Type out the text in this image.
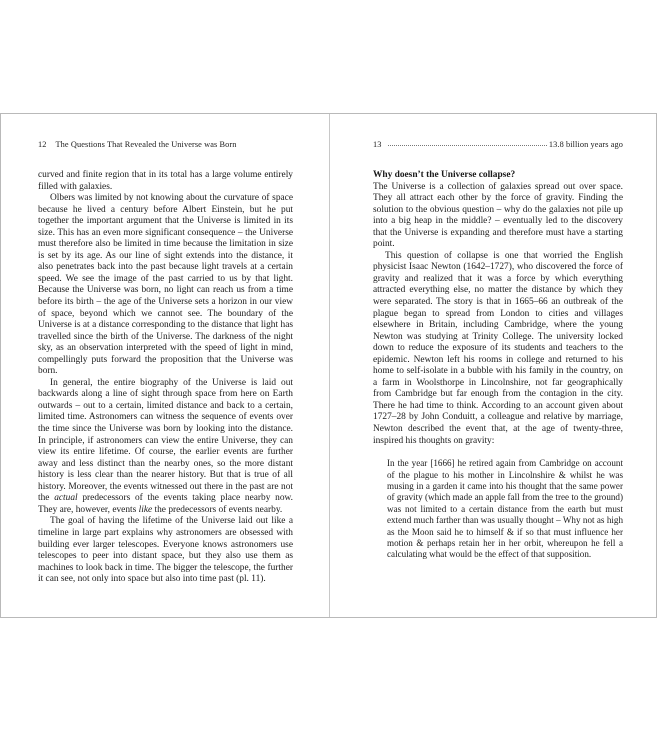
12 The Questions That Revealed the Universe was Born

curved and finite region that in its total has a large volume entirely filled with galaxies.

Olbers was limited by not knowing about the curvature of space because he lived a century before Albert Einstein, but he put together the important argument that the Universe is limited in its size. This has an even more significant consequence – the Universe must therefore also be limited in time because the limitation in size is set by its age. As our line of sight extends into the distance, it also penetrates back into the past because light travels at a certain speed. We see the image of the past carried to us by that light. Because the Universe was born, no light can reach us from a time before its birth – the age of the Universe sets a horizon in our view of space, beyond which we cannot see. The boundary of the Universe is at a distance corresponding to the distance that light has travelled since the birth of the Universe. The darkness of the night sky, as an observation interpreted with the speed of light in mind, compellingly puts forward the proposition that the Universe was born.

In general, the entire biography of the Universe is laid out backwards along a line of sight through space from here on Earth outwards – out to a certain, limited distance and back to a certain, limited time. Astronomers can witness the sequence of events over the time since the Universe was born by looking into the distance. In principle, if astronomers can view the entire Universe, they can view its entire lifetime. Of course, the earlier events are further away and less distinct than the nearby ones, so the more distant history is less clear than the nearer history. But that is true of all history. Moreover, the events witnessed out there in the past are not the actual predecessors of the events taking place nearby now. They are, however, events like the predecessors of events nearby.

The goal of having the lifetime of the Universe laid out like a timeline in large part explains why astronomers are obsessed with building ever larger telescopes. Everyone knows astronomers use telescopes to peer into distant space, but they also use them as machines to look back in time. The bigger the telescope, the further it can see, not only into space but also into time past (pl. 11).

13	13.8 billion years ago

Why doesn’t the Universe collapse?

The Universe is a collection of galaxies spread out over space. They all attract each other by the force of gravity. Finding the solution to the obvious question – why do the galaxies not pile up into a big heap in the middle? – eventually led to the discovery that the Universe is expanding and therefore must have a starting point.

This question of collapse is one that worried the English physicist Isaac Newton (1642–1727), who discovered the force of gravity and realized that it was a force by which everything attracted everything else, no matter the distance by which they were separated. The story is that in 1665–66 an outbreak of the plague began to spread from London to cities and villages elsewhere in Britain, including Cambridge, where the young Newton was studying at Trinity College. The university locked down to reduce the exposure of its students and teachers to the epidemic. Newton left his rooms in college and returned to his home to self-isolate in a bubble with his family in the country, on a farm in Woolsthorpe in Lincolnshire, not far geographically from Cambridge but far enough from the contagion in the city. There he had time to think. According to an account given about 1727–28 by John Conduitt, a colleague and relative by marriage, Newton described the event that, at the age of twenty-three, inspired his thoughts on gravity:

In the year [1666] he retired again from Cambridge on account of the plague to his mother in Lincolnshire & whilst he was musing in a garden it came into his thought that the same power of gravity (which made an apple fall from the tree to the ground) was not limited to a certain distance from the earth but must extend much farther than was usually thought – Why not as high as the Moon said he to himself & if so that must influence her motion & perhaps retain her in her orbit, whereupon he fell a calculating what would be the effect of that supposition.
